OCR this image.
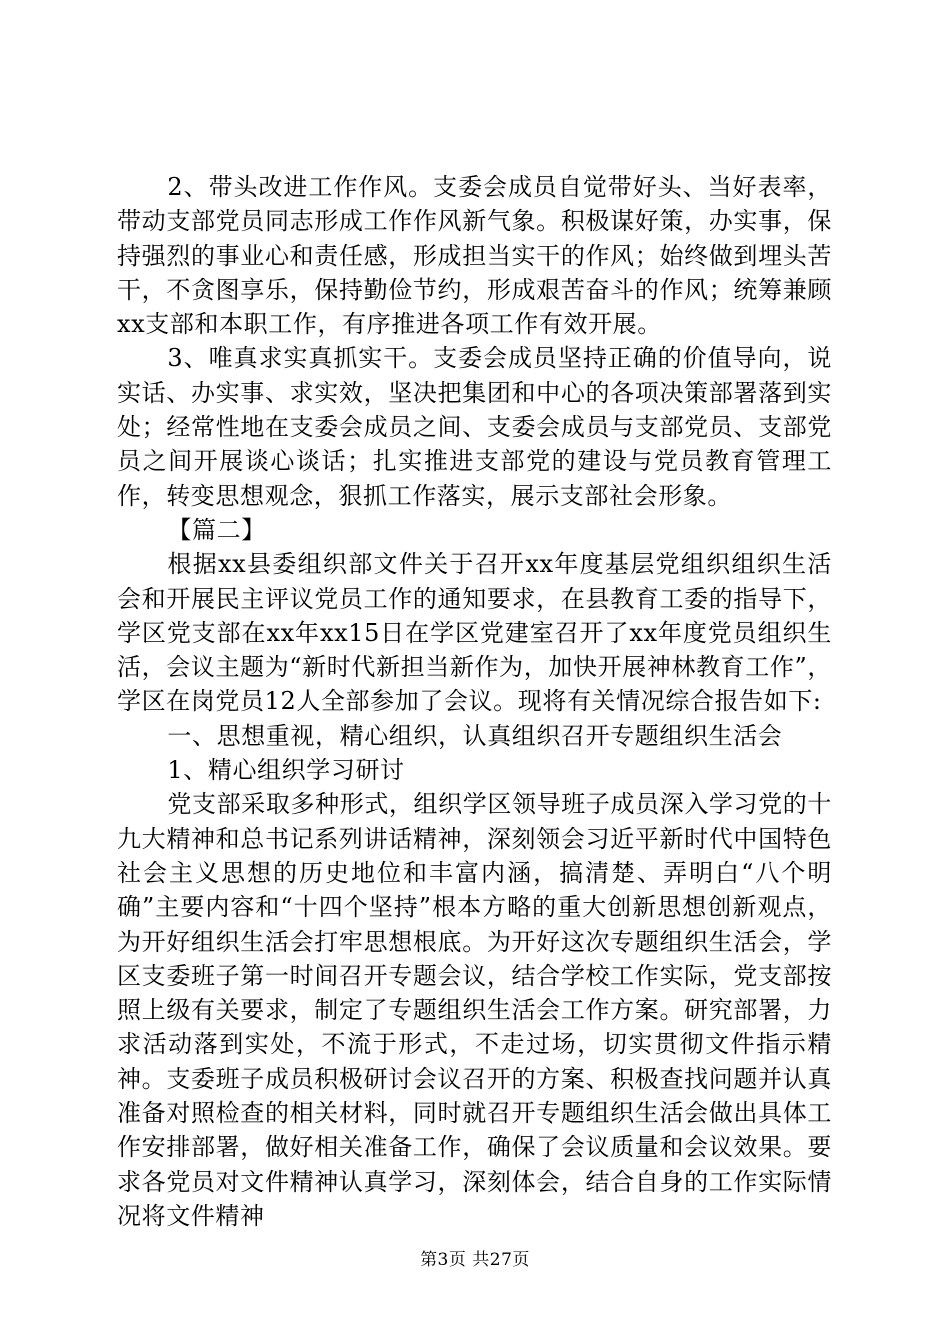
2、带头改进工作作风。支委会成员自觉带好头、当好表率，带动支部党员同志形成工作作风新气象。积极谋好策，办实事，保持强烈的事业心和责任感，形成担当实干的作风；始终做到埋头苦干，不贪图享乐，保持勤俭节约，形成艰苦奋斗的作风；统筹兼顾xx支部和本职工作，有序推进各项工作有效开展。

3、唯真求实真抓实干。支委会成员坚持正确的价值导向，说实话、办实事、求实效，坚决把集团和中心的各项决策部署落到实处；经常性地在支委会成员之间、支委会成员与支部党员、支部党员之间开展谈心谈话；扎实推进支部党的建设与党员教育管理工作，转变思想观念，狠抓工作落实，展示支部社会形象。

【篇二】

根据xx县委组织部文件关于召开xx年度基层党组织组织生活会和开展民主评议党员工作的通知要求，在县教育工委的指导下，学区党支部在xx年xx15日在学区党建室召开了xx年度党员组织生活，会议主题为“新时代新担当新作为，加快开展神林教育工作”，学区在岗党员12人全部参加了会议。现将有关情况综合报告如下:

一、思想重视，精心组织，认真组织召开专题组织生活会

1、精心组织学习研讨

党支部采取多种形式，组织学区领导班子成员深入学习党的十九大精神和总书记系列讲话精神，深刻领会习近平新时代中国特色社会主义思想的历史地位和丰富内涵，搞清楚、弄明白“八个明确”主要内容和“十四个坚持”根本方略的重大创新思想创新观点，为开好组织生活会打牢思想根底。为开好这次专题组织生活会，学区支委班子第一时间召开专题会议，结合学校工作实际，党支部按照上级有关要求，制定了专题组织生活会工作方案。研究部署，力求活动落到实处，不流于形式，不走过场，切实贯彻文件指示精神。支委班子成员积极研讨会议召开的方案、积极查找问题并认真准备对照检查的相关材料，同时就召开专题组织生活会做出具体工作安排部署，做好相关准备工作，确保了会议质量和会议效果。要求各党员对文件精神认真学习，深刻体会，结合自身的工作实际情况将文件精神

第3页 共27页
